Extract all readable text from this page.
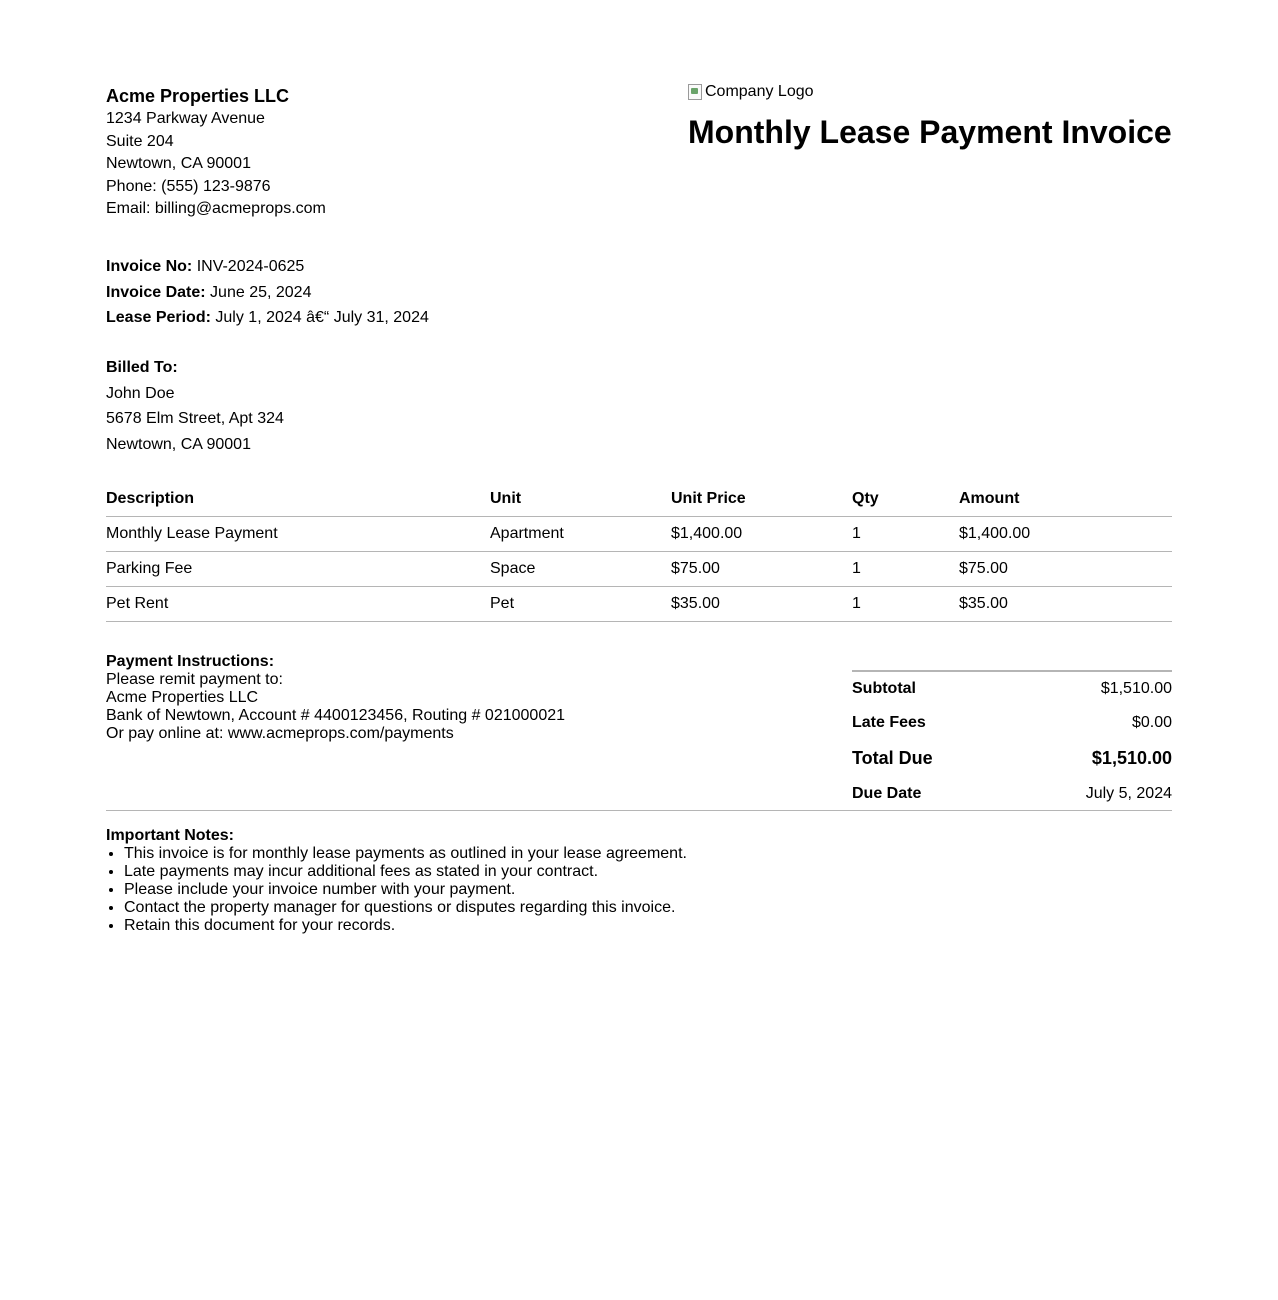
Acme Properties LLC
1234 Parkway Avenue
Suite 204
Newtown, CA 90001
Phone: (555) 123-9876
Email: billing@acmeprops.com
Company Logo
Monthly Lease Payment Invoice
Invoice No: INV-2024-0625
Invoice Date: June 25, 2024
Lease Period: July 1, 2024 â€“ July 31, 2024
Billed To:
John Doe
5678 Elm Street, Apt 324
Newtown, CA 90001
Description	Unit	Unit Price	Qty	Amount
Monthly Lease Payment	Apartment	$1,400.00	1	$1,400.00
Parking Fee	Space	$75.00	1	$75.00
Pet Rent	Pet	$35.00	1	$35.00
Payment Instructions:
Please remit payment to:
Acme Properties LLC
Bank of Newtown, Account # 4400123456, Routing # 021000021
Or pay online at: www.acmeprops.com/payments
Subtotal	$1,510.00
Late Fees	$0.00
Total Due	$1,510.00
Due Date	July 5, 2024
Important Notes:
• This invoice is for monthly lease payments as outlined in your lease agreement.
• Late payments may incur additional fees as stated in your contract.
• Please include your invoice number with your payment.
• Contact the property manager for questions or disputes regarding this invoice.
• Retain this document for your records.
